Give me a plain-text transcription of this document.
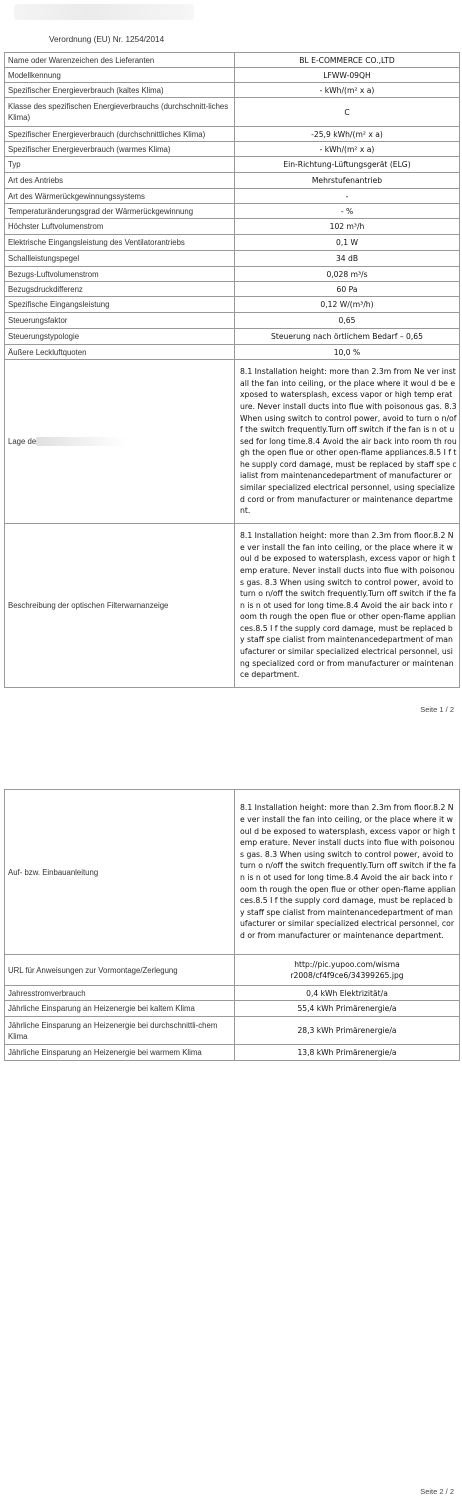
Verordnung (EU) Nr. 1254/2014
Name oder Warenzeichen des Lieferanten	BL E-COMMERCE CO.,LTD
Modellkennung	LFWW-09QH
Spezifischer Energieverbrauch (kaltes Klima)	- kWh/(m² x a)
Klasse des spezifischen Energieverbrauchs (durchschnitt-liches Klima)	C
Spezifischer Energieverbrauch (durchschnittliches Klima)	-25,9 kWh/(m² x a)
Spezifischer Energieverbrauch (warmes Klima)	- kWh/(m² x a)
Typ	Ein-Richtung-Lüftungsgerät (ELG)
Art des Antriebs	Mehrstufenantrieb
Art des Wärmerückgewinnungssystems	-
Temperaturänderungsgrad der Wärmerückgewinnung	- %
Höchster Luftvolumenstrom	102 m³/h
Elektrische Eingangsleistung des Ventilatorantriebs	0,1 W
Schallleistungspegel	34 dB
Bezugs-Luftvolumenstrom	0,028 m³/s
Bezugsdruckdifferenz	60 Pa
Spezifische Eingangsleistung	0,12 W/(m³/h)
Steuerungsfaktor	0,65
Steuerungstypologie	Steuerung nach örtlichem Bedarf – 0,65
Äußere Leckluftquoten	10,0 %
Lage de	8.1 Installation height: more than 2.3m from Ne ver install the fan into ceiling, or the place where it woul d be exposed to watersplash, excess vapor or high temp erature. Never install ducts into flue with poisonous gas. 8.3 When using switch to control power, avoid to turn o n/off the switch frequently.Turn off switch if the fan is n ot used for long time.8.4 Avoid the air back into room th rough the open flue or other open-flame appliances.8.5 I f the supply cord damage, must be replaced by staff spe cialist from maintenancedepartment of manufacturer or similar specialized electrical personnel, using specialized cord or from manufacturer or maintenance department.
Beschreibung der optischen Filterwarnanzeige	8.1 Installation height: more than 2.3m from floor.8.2 Ne ver install the fan into ceiling, or the place where it woul d be exposed to watersplash, excess vapor or high temp erature. Never install ducts into flue with poisonous gas. 8.3 When using switch to control power, avoid to turn o n/off the switch frequently.Turn off switch if the fan is n ot used for long time.8.4 Avoid the air back into room th rough the open flue or other open-flame appliances.8.5 I f the supply cord damage, must be replaced by staff spe cialist from maintenancedepartment of manufacturer or similar specialized electrical personnel, using specialized cord or from manufacturer or maintenance department.
Seite 1 / 2
Auf- bzw. Einbauanleitung	8.1 Installation height: more than 2.3m from floor.8.2 Ne ver install the fan into ceiling, or the place where it woul d be exposed to watersplash, excess vapor or high temp erature. Never install ducts into flue with poisonous gas. 8.3 When using switch to control power, avoid to turn o n/off the switch frequently.Turn off switch if the fan is n ot used for long time.8.4 Avoid the air back into room th rough the open flue or other open-flame appliances.8.5 I f the supply cord damage, must be replaced by staff spe cialist from maintenancedepartment of manufacturer or similar specialized electrical personnel, cord or from manufacturer or maintenance department.
URL für Anweisungen zur Vormontage/Zerlegung	http://pic.yupoo.com/wisma r2008/cf4f9ce6/34399265.jpg
Jahresstromverbrauch	0,4 kWh Elektrizität/a
Jährliche Einsparung an Heizenergie bei kaltem Klima	55,4 kWh Primärenergie/a
Jährliche Einsparung an Heizenergie bei durchschnittli-chem Klima	28,3 kWh Primärenergie/a
Jährliche Einsparung an Heizenergie bei warmem Klima	13,8 kWh Primärenergie/a
Seite 2 / 2
